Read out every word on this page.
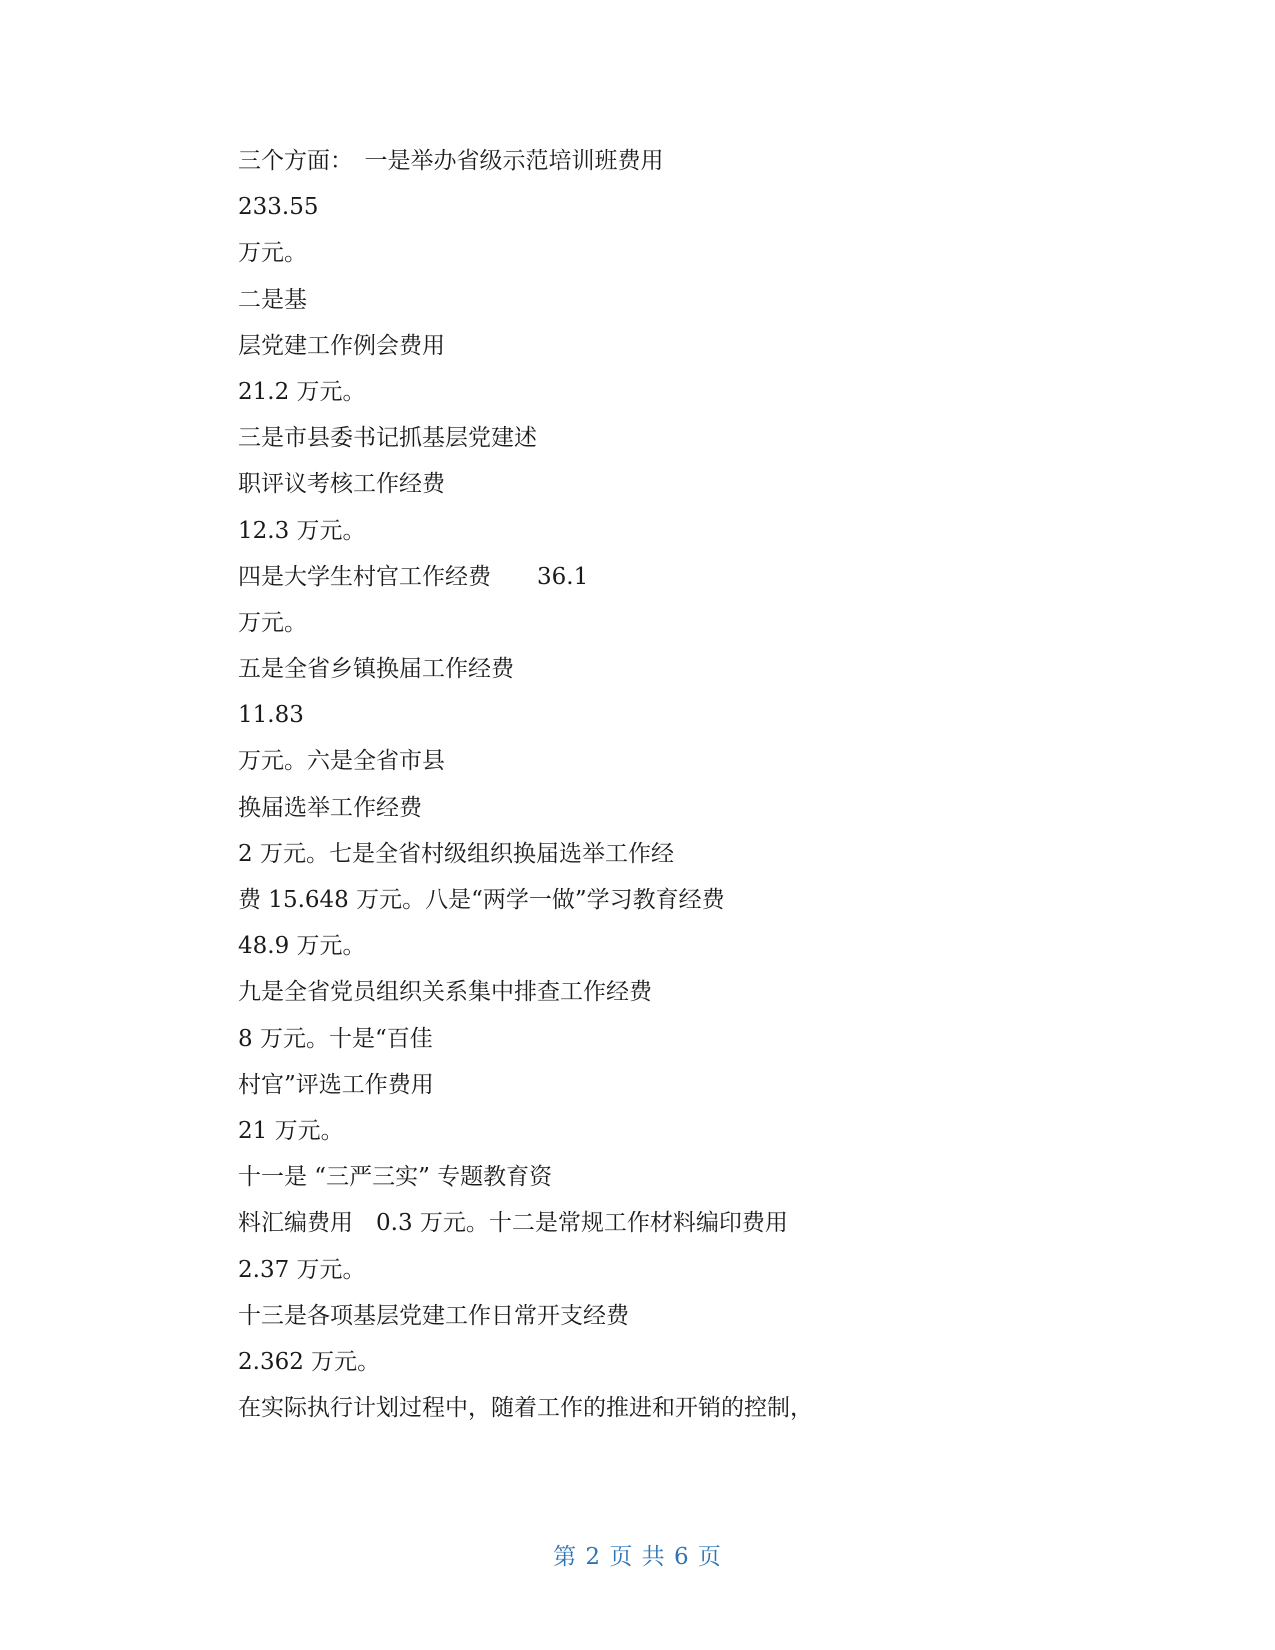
三个方面：　一是举办省级示范培训班费用
233.55
万元。
二是基
层党建工作例会费用
21.2 万元。
三是市县委书记抓基层党建述
职评议考核工作经费
12.3 万元。
四是大学生村官工作经费　　36.1
万元。
五是全省乡镇换届工作经费
11.83
万元。六是全省市县
换届选举工作经费
2 万元。七是全省村级组织换届选举工作经
费 15.648 万元。八是“两学一做”学习教育经费
48.9 万元。
九是全省党员组织关系集中排查工作经费
8 万元。十是“百佳
村官”评选工作费用
21 万元。
十一是 “三严三实” 专题教育资
料汇编费用　0.3 万元。十二是常规工作材料编印费用
2.37 万元。
十三是各项基层党建工作日常开支经费
2.362 万元。
在实际执行计划过程中，随着工作的推进和开销的控制，
第 2 页 共 6 页
